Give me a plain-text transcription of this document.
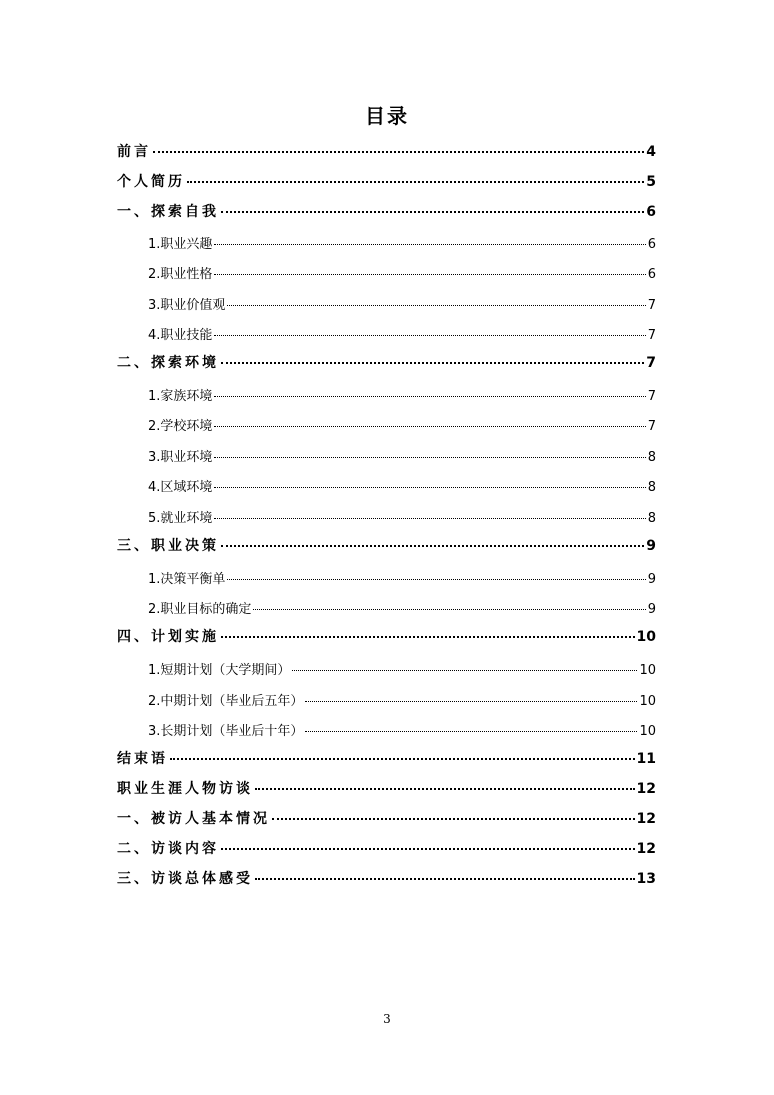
目录
前言	4
个人简历	5
一、探索自我	6
1.职业兴趣	6
2.职业性格	6
3.职业价值观	7
4.职业技能	7
二、探索环境	7
1.家族环境	7
2.学校环境	7
3.职业环境	8
4.区域环境	8
5.就业环境	8
三、职业决策	9
1.决策平衡单	9
2.职业目标的确定	9
四、计划实施	10
1.短期计划（大学期间）	10
2.中期计划（毕业后五年）	10
3.长期计划（毕业后十年）	10
结束语	11
职业生涯人物访谈	12
一、被访人基本情况	12
二、访谈内容	12
三、访谈总体感受	13
3
